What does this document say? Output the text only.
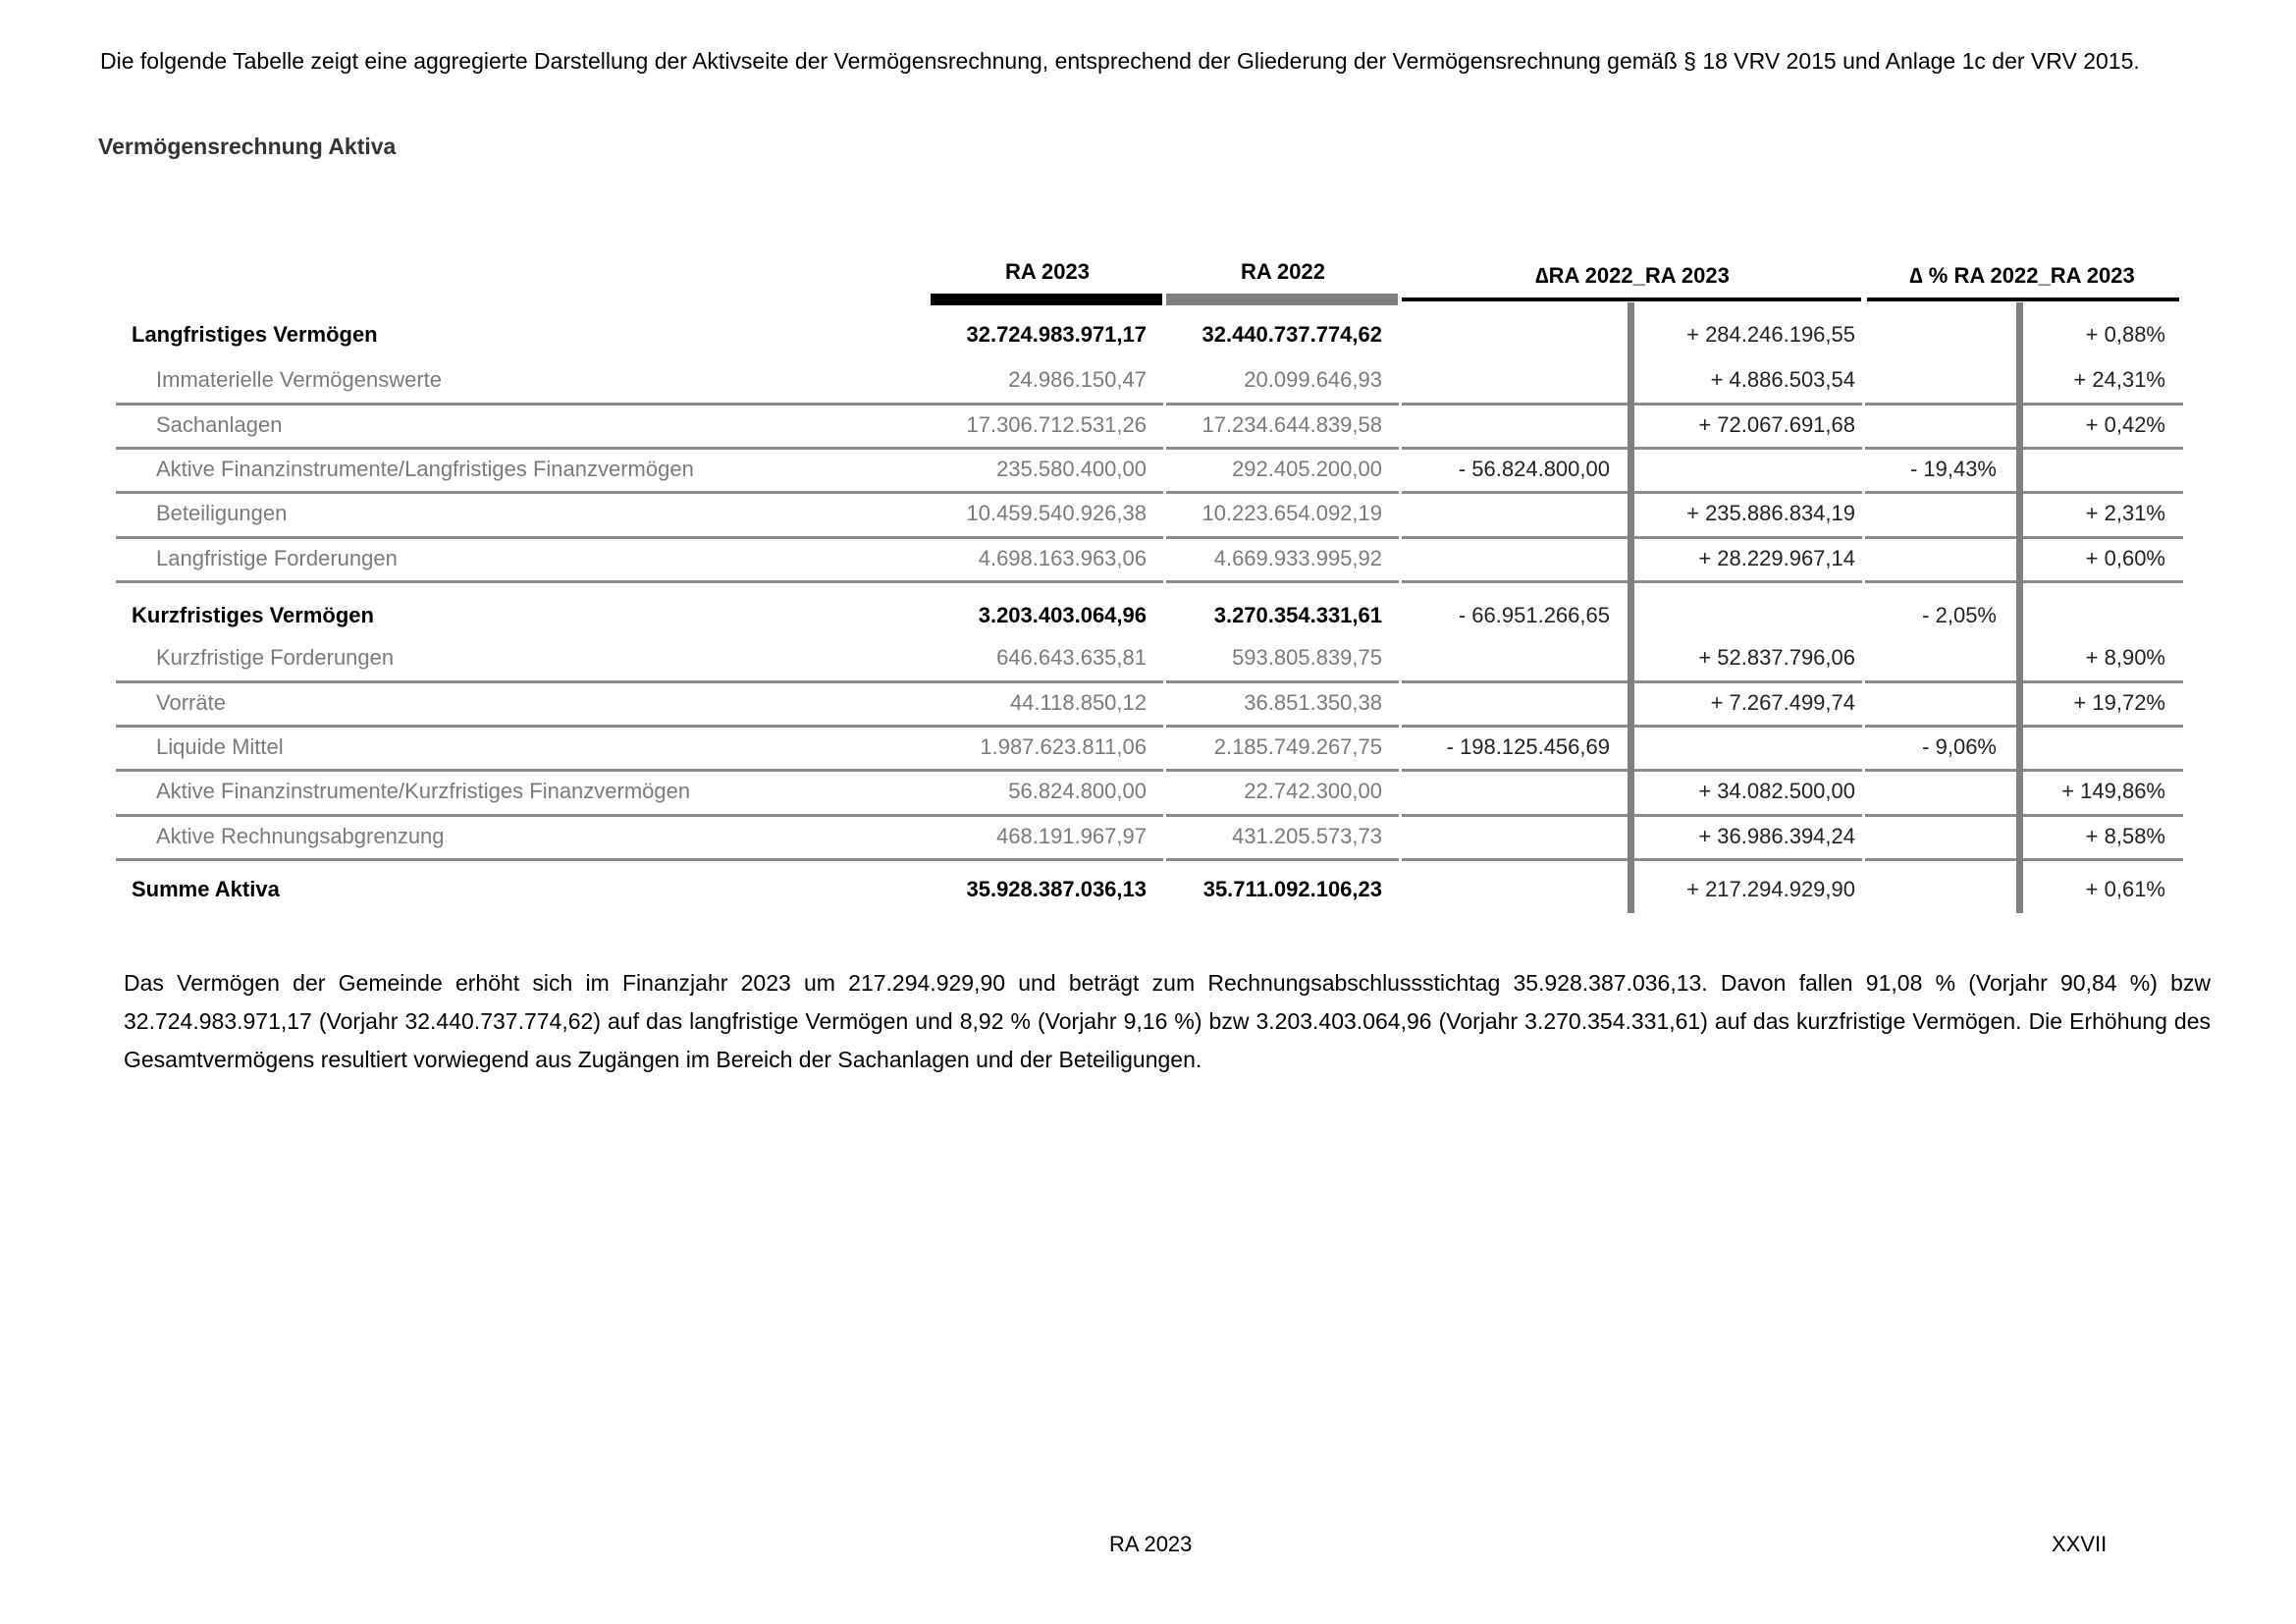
Die folgende Tabelle zeigt eine aggregierte Darstellung der Aktivseite der Vermögensrechnung, entsprechend der Gliederung der Vermögensrechnung gemäß § 18 VRV 2015 und Anlage 1c der VRV 2015.
Vermögensrechnung Aktiva
RA 2023	RA 2022	∆RA 2022_RA 2023	∆ % RA 2022_RA 2023
Langfristiges Vermögen	32.724.983.971,17	32.440.737.774,62	+ 284.246.196,55	+ 0,88%
Immaterielle Vermögenswerte	24.986.150,47	20.099.646,93	+ 4.886.503,54	+ 24,31%
Sachanlagen	17.306.712.531,26	17.234.644.839,58	+ 72.067.691,68	+ 0,42%
Aktive Finanzinstrumente/Langfristiges Finanzvermögen	235.580.400,00	292.405.200,00	- 56.824.800,00	- 19,43%
Beteiligungen	10.459.540.926,38	10.223.654.092,19	+ 235.886.834,19	+ 2,31%
Langfristige Forderungen	4.698.163.963,06	4.669.933.995,92	+ 28.229.967,14	+ 0,60%
Kurzfristiges Vermögen	3.203.403.064,96	3.270.354.331,61	- 66.951.266,65	- 2,05%
Kurzfristige Forderungen	646.643.635,81	593.805.839,75	+ 52.837.796,06	+ 8,90%
Vorräte	44.118.850,12	36.851.350,38	+ 7.267.499,74	+ 19,72%
Liquide Mittel	1.987.623.811,06	2.185.749.267,75	- 198.125.456,69	- 9,06%
Aktive Finanzinstrumente/Kurzfristiges Finanzvermögen	56.824.800,00	22.742.300,00	+ 34.082.500,00	+ 149,86%
Aktive Rechnungsabgrenzung	468.191.967,97	431.205.573,73	+ 36.986.394,24	+ 8,58%
Summe Aktiva	35.928.387.036,13	35.711.092.106,23	+ 217.294.929,90	+ 0,61%
Das Vermögen der Gemeinde erhöht sich im Finanzjahr 2023 um 217.294.929,90 und beträgt zum Rechnungsabschlussstichtag 35.928.387.036,13. Davon fallen 91,08 % (Vorjahr 90,84 %) bzw 32.724.983.971,17 (Vorjahr 32.440.737.774,62) auf das langfristige Vermögen und 8,92 % (Vorjahr 9,16 %) bzw 3.203.403.064,96 (Vorjahr 3.270.354.331,61) auf das kurzfristige Vermögen. Die Erhöhung des Gesamtvermögens resultiert vorwiegend aus Zugängen im Bereich der Sachanlagen und der Beteiligungen.
RA 2023	XXVII
